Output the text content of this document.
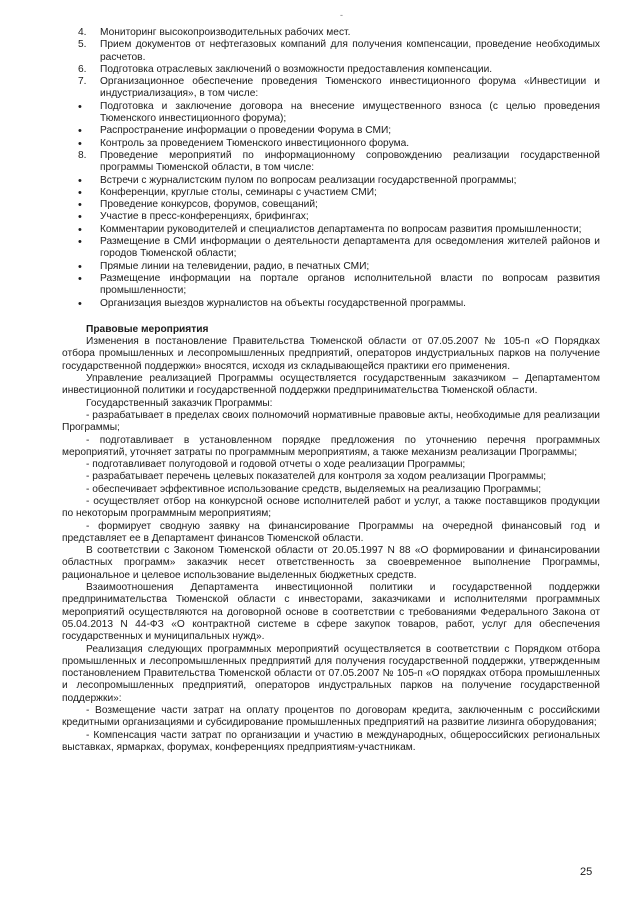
-
4.	Мониторинг высокопроизводительных рабочих мест.
5.	Прием документов от нефтегазовых компаний для получения компенсации, проведение необходимых расчетов.
6.	Подготовка отраслевых заключений о возможности предоставления компенсации.
7.	Организационное обеспечение проведения Тюменского инвестиционного форума «Инвестиции и индустриализация», в том числе:
•	Подготовка и заключение договора на внесение имущественного взноса (с целью проведения Тюменского инвестиционного форума);
•	Распространение информации о проведении Форума в СМИ;
•	Контроль за проведением Тюменского инвестиционного форума.
8.	Проведение мероприятий по информационному сопровождению реализации государственной программы Тюменской области, в том числе:
•	Встречи с журналистским пулом по вопросам реализации государственной программы;
•	Конференции, круглые столы, семинары с участием СМИ;
•	Проведение конкурсов, форумов, совещаний;
•	Участие в пресс-конференциях, брифингах;
•	Комментарии руководителей и специалистов департамента по вопросам развития промышленности;
•	Размещение в СМИ информации о деятельности департамента для осведомления жителей районов и городов Тюменской области;
•	Прямые линии на телевидении, радио, в печатных СМИ;
•	Размещение информации на портале органов исполнительной власти по вопросам развития промышленности;
•	Организация выездов журналистов на объекты государственной программы.
Правовые мероприятия
Изменения в постановление Правительства Тюменской области от 07.05.2007 № 105-п «О Порядках отбора промышленных и лесопромышленных предприятий, операторов индустриальных парков на получение государственной поддержки» вносятся, исходя из складывающейся практики его применения.
Управление реализацией Программы осуществляется государственным заказчиком – Департаментом инвестиционной политики и государственной поддержки предпринимательства Тюменской области.
Государственный заказчик Программы:
- разрабатывает в пределах своих полномочий нормативные правовые акты, необходимые для реализации Программы;
- подготавливает в установленном порядке предложения по уточнению перечня программных мероприятий, уточняет затраты по программным мероприятиям, а также механизм реализации Программы;
- подготавливает полугодовой и годовой отчеты о ходе реализации Программы;
- разрабатывает перечень целевых показателей для контроля за ходом реализации Программы;
- обеспечивает эффективное использование средств, выделяемых на реализацию Программы;
- осуществляет отбор на конкурсной основе исполнителей работ и услуг, а также поставщиков продукции по некоторым программным мероприятиям;
- формирует сводную заявку на финансирование Программы на очередной финансовый год и представляет ее в Департамент финансов Тюменской области.
В соответствии с Законом Тюменской области от 20.05.1997 N 88 «О формировании и финансировании областных программ» заказчик несет ответственность за своевременное выполнение Программы, рациональное и целевое использование выделенных бюджетных средств.
Взаимоотношения Департамента инвестиционной политики и государственной поддержки предпринимательства Тюменской области с инвесторами, заказчиками и исполнителями программных мероприятий осуществляются на договорной основе в соответствии с требованиями Федерального Закона от 05.04.2013 N 44-ФЗ «О контрактной системе в сфере закупок товаров, работ, услуг для обеспечения государственных и муниципальных нужд».
Реализация следующих программных мероприятий осуществляется в соответствии с Порядком отбора промышленных и лесопромышленных предприятий для получения государственной поддержки, утвержденным постановлением Правительства Тюменской области от 07.05.2007 № 105-п «О порядках отбора промышленных и лесопромышленных предприятий, операторов индустральных парков на получение государственной поддержки»:
- Возмещение части затрат на оплату процентов по договорам кредита, заключенным с российскими кредитными организациями и субсидирование промышленных предприятий на развитие лизинга оборудования;
- Компенсация части затрат по организации и участию в международных, общероссийских региональных выставках, ярмарках, форумах, конференциях предприятиям-участникам.
25
